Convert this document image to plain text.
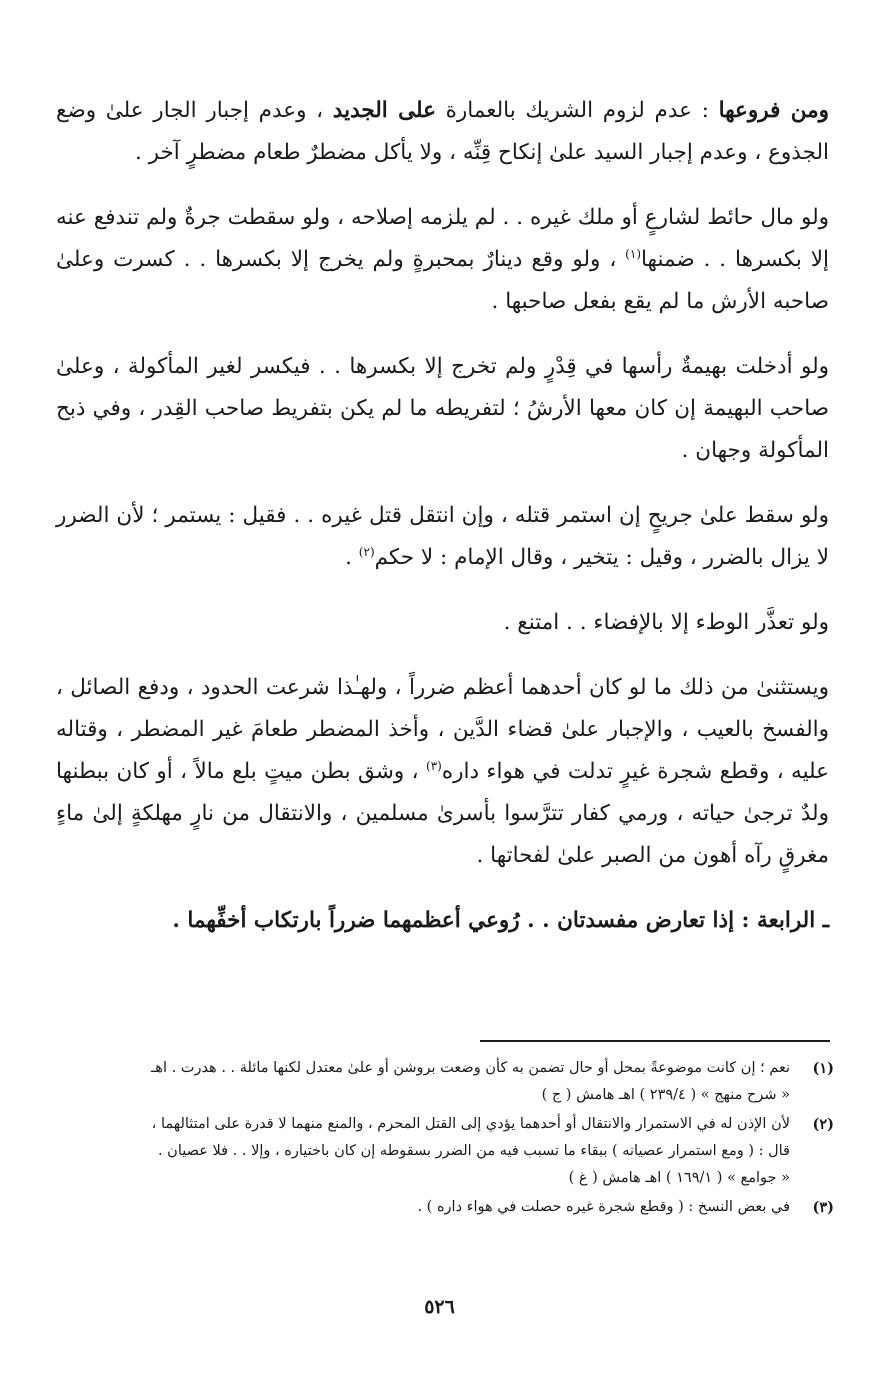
ومن فروعها : عدم لزوم الشريك بالعمارة على الجديد ، وعدم إجبار الجار علىٰ وضع الجذوع ، وعدم إجبار السيد علىٰ إنكاح قِنِّه ، ولا يأكل مضطرٌ طعام مضطرٍ آخر .

ولو مال حائط لشارعٍ أو ملك غيره . . لم يلزمه إصلاحه ، ولو سقطت جرةٌ ولم تندفع عنه إلا بكسرها . . ضمنها$^{(١)}$ ، ولو وقع دينارٌ بمحبرةٍ ولم يخرج إلا بكسرها . . كسرت وعلىٰ صاحبه الأرش ما لم يقع بفعل صاحبها .

ولو أدخلت بهيمةٌ رأسها في قِدْرٍ ولم تخرج إلا بكسرها . . فيكسر لغير المأكولة ، وعلىٰ صاحب البهيمة إن كان معها الأرشُ ؛ لتفريطه ما لم يكن بتفريط صاحب القِدر ، وفي ذبح المأكولة وجهان .

ولو سقط علىٰ جريحٍ إن استمر قتله ، وإن انتقل قتل غيره . . فقيل : يستمر ؛ لأن الضرر لا يزال بالضرر ، وقيل : يتخير ، وقال الإمام : لا حكم$^{(٢)}$ .

ولو تعذَّر الوطء إلا بالإفضاء . . امتنع .

ويستثنىٰ من ذلك ما لو كان أحدهما أعظم ضرراً ، ولهـٰذا شرعت الحدود ، ودفع الصائل ، والفسخ بالعيب ، والإجبار علىٰ قضاء الدَّين ، وأخذ المضطر طعامَ غير المضطر ، وقتاله عليه ، وقطع شجرة غيرٍ تدلت في هواء داره$^{(٣)}$ ، وشق بطن ميتٍ بلع مالاً ، أو كان ببطنها ولدٌ ترجىٰ حياته ، ورمي كفار تترَّسوا بأسرىٰ مسلمين ، والانتقال من نارٍ مهلكةٍ إلىٰ ماءٍ مغرقٍ رآه أهون من الصبر علىٰ لفحاتها .

ـ الرابعة : إذا تعارض مفسدتان . . رُوعي أعظمهما ضرراً بارتكاب أخفِّهما .

(١)
نعم ؛ إن كانت موضوعةً بمحل أو حال تضمن به كأن وضعت بروشن أو علىٰ معتدل لكنها مائلة . . هدرت . اهـ
« شرح منهج » ( ٢٣٩/٤ ) اهـ هامش ( ج )
(٢)
لأن الإذن له في الاستمرار والانتقال أو أحدهما يؤدي إلى القتل المحرم ، والمنع منهما لا قدرة على امتثالهما ،
قال : ( ومع استمرار عصيانه ) ببقاء ما تسبب فيه من الضرر بسقوطه إن كان باختياره ، وإلا . . فلا عصيان .
« جوامع » ( ١٦٩/١ ) اهـ هامش ( غ )
(٣)
في بعض النسخ : ( وقطع شجرة غيره حصلت في هواء داره ) .
٥٢٦
